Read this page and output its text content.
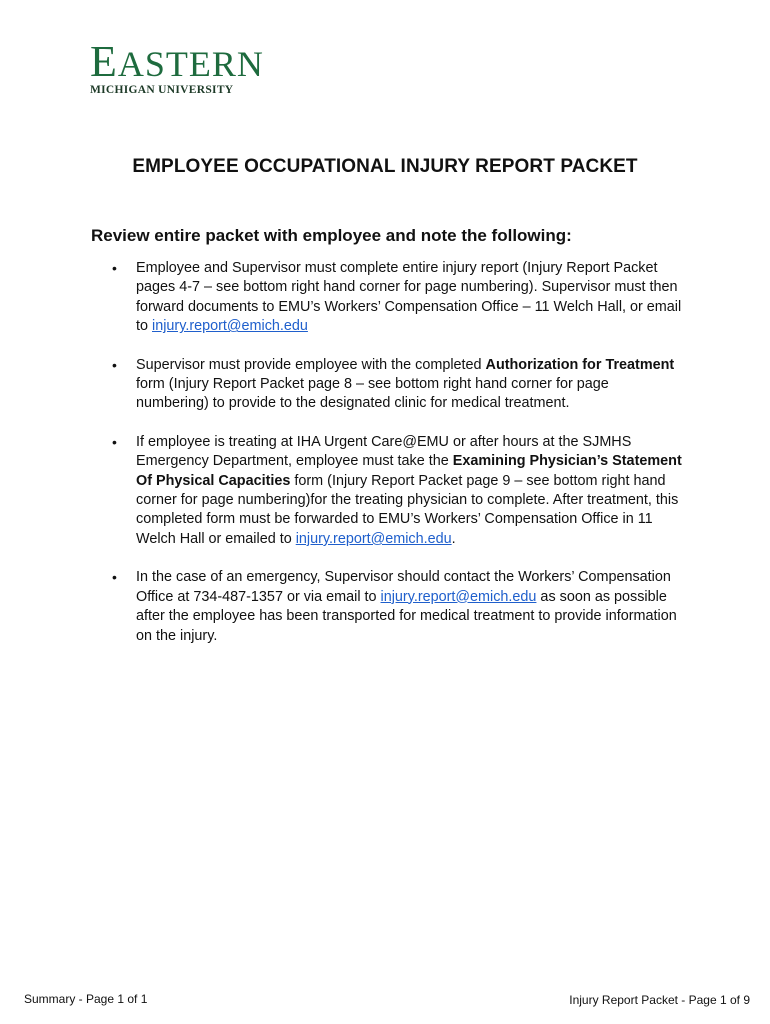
EASTERN
MICHIGAN UNIVERSITY
EMPLOYEE OCCUPATIONAL INJURY REPORT PACKET
Review entire packet with employee and note the following:
• Employee and Supervisor must complete entire injury report (Injury Report Packet pages 4-7 – see bottom right hand corner for page numbering). Supervisor must then forward documents to EMU’s Workers’ Compensation Office – 11 Welch Hall, or email to injury.report@emich.edu
• Supervisor must provide employee with the completed Authorization for Treatment form (Injury Report Packet page 8 – see bottom right hand corner for page numbering) to provide to the designated clinic for medical treatment.
• If employee is treating at IHA Urgent Care@EMU or after hours at the SJMHS Emergency Department, employee must take the Examining Physician’s Statement Of Physical Capacities form (Injury Report Packet page 9 – see bottom right hand corner for page numbering)for the treating physician to complete. After treatment, this completed form must be forwarded to EMU’s Workers’ Compensation Office in 11 Welch Hall or emailed to injury.report@emich.edu.
• In the case of an emergency, Supervisor should contact the Workers’ Compensation Office at 734-487-1357 or via email to injury.report@emich.edu as soon as possible after the employee has been transported for medical treatment to provide information on the injury.
Summary - Page 1 of 1	Injury Report Packet - Page 1 of 9
